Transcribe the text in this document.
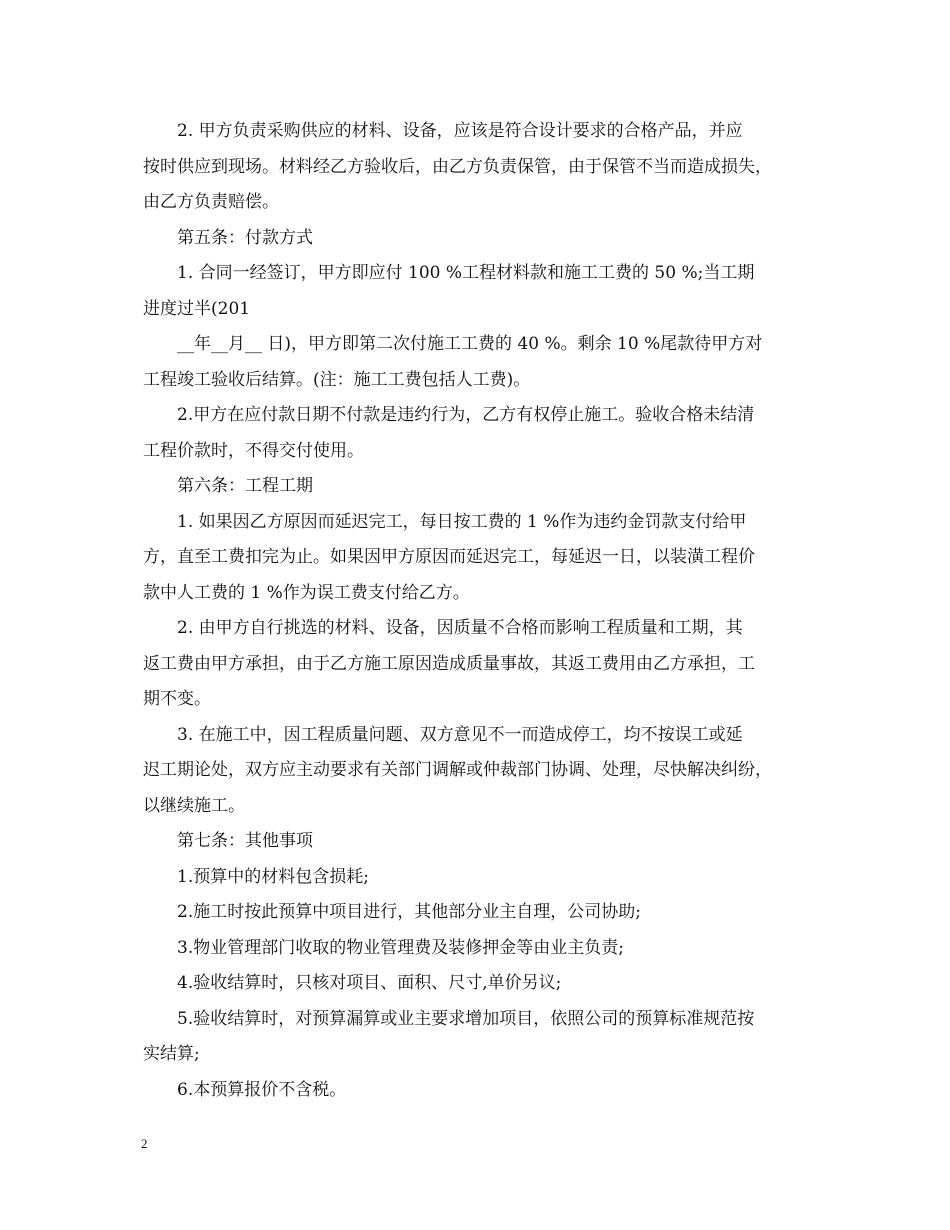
2. 甲方负责采购供应的材料、设备，应该是符合设计要求的合格产品，并应
按时供应到现场。材料经乙方验收后，由乙方负责保管，由于保管不当而造成损失，
由乙方负责赔偿。
第五条：付款方式
1. 合同一经签订，甲方即应付 100 %工程材料款和施工工费的 50 %;当工期
进度过半(201
__年__月__ 日)，甲方即第二次付施工工费的 40 %。剩余 10 %尾款待甲方对
工程竣工验收后结算。(注：施工工费包括人工费)。
2.甲方在应付款日期不付款是违约行为，乙方有权停止施工。验收合格未结清
工程价款时，不得交付使用。
第六条：工程工期
1. 如果因乙方原因而延迟完工，每日按工费的 1 %作为违约金罚款支付给甲
方，直至工费扣完为止。如果因甲方原因而延迟完工，每延迟一日，以装潢工程价
款中人工费的 1 %作为误工费支付给乙方。
2. 由甲方自行挑选的材料、设备，因质量不合格而影响工程质量和工期，其
返工费由甲方承担，由于乙方施工原因造成质量事故，其返工费用由乙方承担，工
期不变。
3. 在施工中，因工程质量问题、双方意见不一而造成停工，均不按误工或延
迟工期论处，双方应主动要求有关部门调解或仲裁部门协调、处理，尽快解决纠纷，
以继续施工。
第七条：其他事项
1.预算中的材料包含损耗;
2.施工时按此预算中项目进行，其他部分业主自理，公司协助;
3.物业管理部门收取的物业管理费及装修押金等由业主负责;
4.验收结算时，只核对项目、面积、尺寸,单价另议;
5.验收结算时，对预算漏算或业主要求增加项目，依照公司的预算标准规范按
实结算;
6.本预算报价不含税。
2
